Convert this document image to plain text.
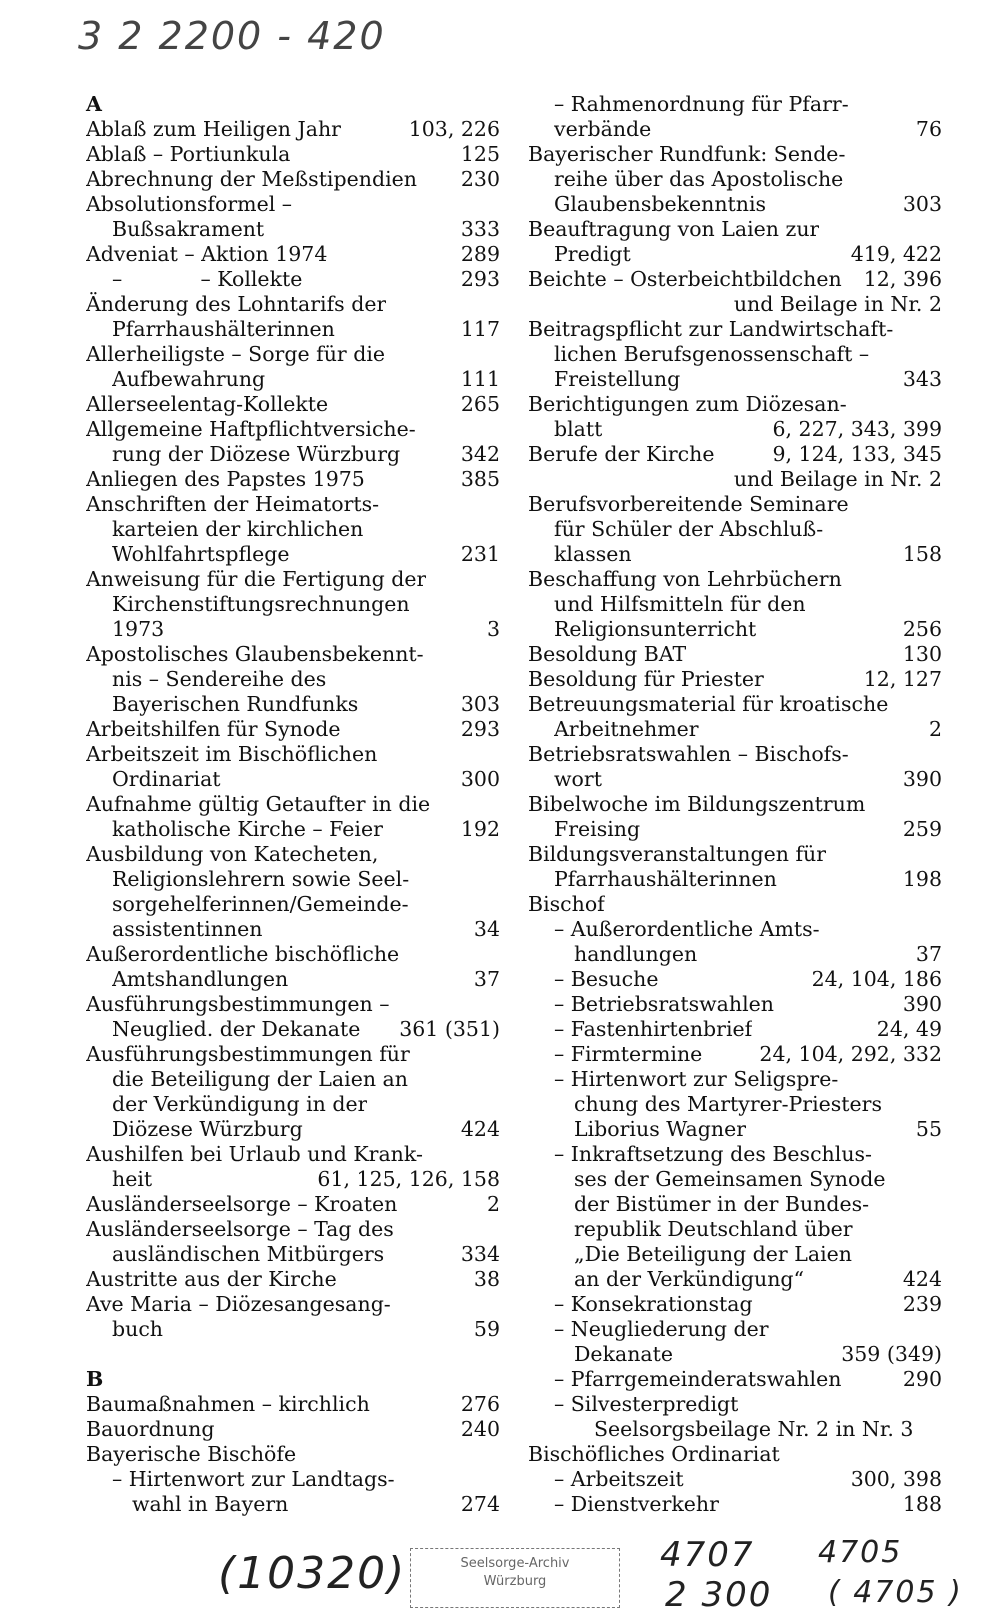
3 2 2200 - 420
A
Ablaß zum Heiligen Jahr	103, 226
Ablaß – Portiunkula	125
Abrechnung der Meßstipendien	230
Absolutionsformel –
Bußsakrament	333
Adveniat – Aktion 1974	289
–            – Kollekte	293
Änderung des Lohntarifs der
Pfarrhaushälterinnen	117
Allerheiligste – Sorge für die
Aufbewahrung	111
Allerseelentag-Kollekte	265
Allgemeine Haftpflichtversiche-
rung der Diözese Würzburg	342
Anliegen des Papstes 1975	385
Anschriften der Heimatorts-
karteien der kirchlichen
Wohlfahrtspflege	231
Anweisung für die Fertigung der
Kirchenstiftungsrechnungen
1973	3
Apostolisches Glaubensbekennt-
nis – Sendereihe des
Bayerischen Rundfunks	303
Arbeitshilfen für Synode	293
Arbeitszeit im Bischöflichen
Ordinariat	300
Aufnahme gültig Getaufter in die
katholische Kirche – Feier	192
Ausbildung von Katecheten,
Religionslehrern sowie Seel-
sorgehelferinnen/Gemeinde-
assistentinnen	34
Außerordentliche bischöfliche
Amtshandlungen	37
Ausführungsbestimmungen –
Neuglied. der Dekanate	361 (351)
Ausführungsbestimmungen für
die Beteiligung der Laien an
der Verkündigung in der
Diözese Würzburg	424
Aushilfen bei Urlaub und Krank-
heit	61, 125, 126, 158
Ausländerseelsorge – Kroaten	2
Ausländerseelsorge – Tag des
ausländischen Mitbürgers	334
Austritte aus der Kirche	38
Ave Maria – Diözesangesang-
buch	59
B
Baumaßnahmen – kirchlich	276
Bauordnung	240
Bayerische Bischöfe
– Hirtenwort zur Landtags-
wahl in Bayern	274
– Rahmenordnung für Pfarr-
verbände	76
Bayerischer Rundfunk: Sende-
reihe über das Apostolische
Glaubensbekenntnis	303
Beauftragung von Laien zur
Predigt	419, 422
Beichte – Osterbeichtbildchen	12, 396
und Beilage in Nr. 2
Beitragspflicht zur Landwirtschaft-
lichen Berufsgenossenschaft –
Freistellung	343
Berichtigungen zum Diözesan-
blatt	6, 227, 343, 399
Berufe der Kirche	9, 124, 133, 345
und Beilage in Nr. 2
Berufsvorbereitende Seminare
für Schüler der Abschluß-
klassen	158
Beschaffung von Lehrbüchern
und Hilfsmitteln für den
Religionsunterricht	256
Besoldung BAT	130
Besoldung für Priester	12, 127
Betreuungsmaterial für kroatische
Arbeitnehmer	2
Betriebsratswahlen – Bischofs-
wort	390
Bibelwoche im Bildungszentrum
Freising	259
Bildungsveranstaltungen für
Pfarrhaushälterinnen	198
Bischof
– Außerordentliche Amts-
handlungen	37
– Besuche	24, 104, 186
– Betriebsratswahlen	390
– Fastenhirtenbrief	24, 49
– Firmtermine	24, 104, 292, 332
– Hirtenwort zur Seligspre-
chung des Martyrer-Priesters
Liborius Wagner	55
– Inkraftsetzung des Beschlus-
ses der Gemeinsamen Synode
der Bistümer in der Bundes-
republik Deutschland über
„Die Beteiligung der Laien
an der Verkündigung“	424
– Konsekrationstag	239
– Neugliederung der
Dekanate	359 (349)
– Pfarrgemeinderatswahlen	290
– Silvesterpredigt
Seelsorgsbeilage Nr. 2 in Nr. 3
Bischöfliches Ordinariat
– Arbeitszeit	300, 398
– Dienstverkehr	188
(10320)	Seelsorge-Archiv
Würzburg
4707
2 300
4705
( 4705 )
